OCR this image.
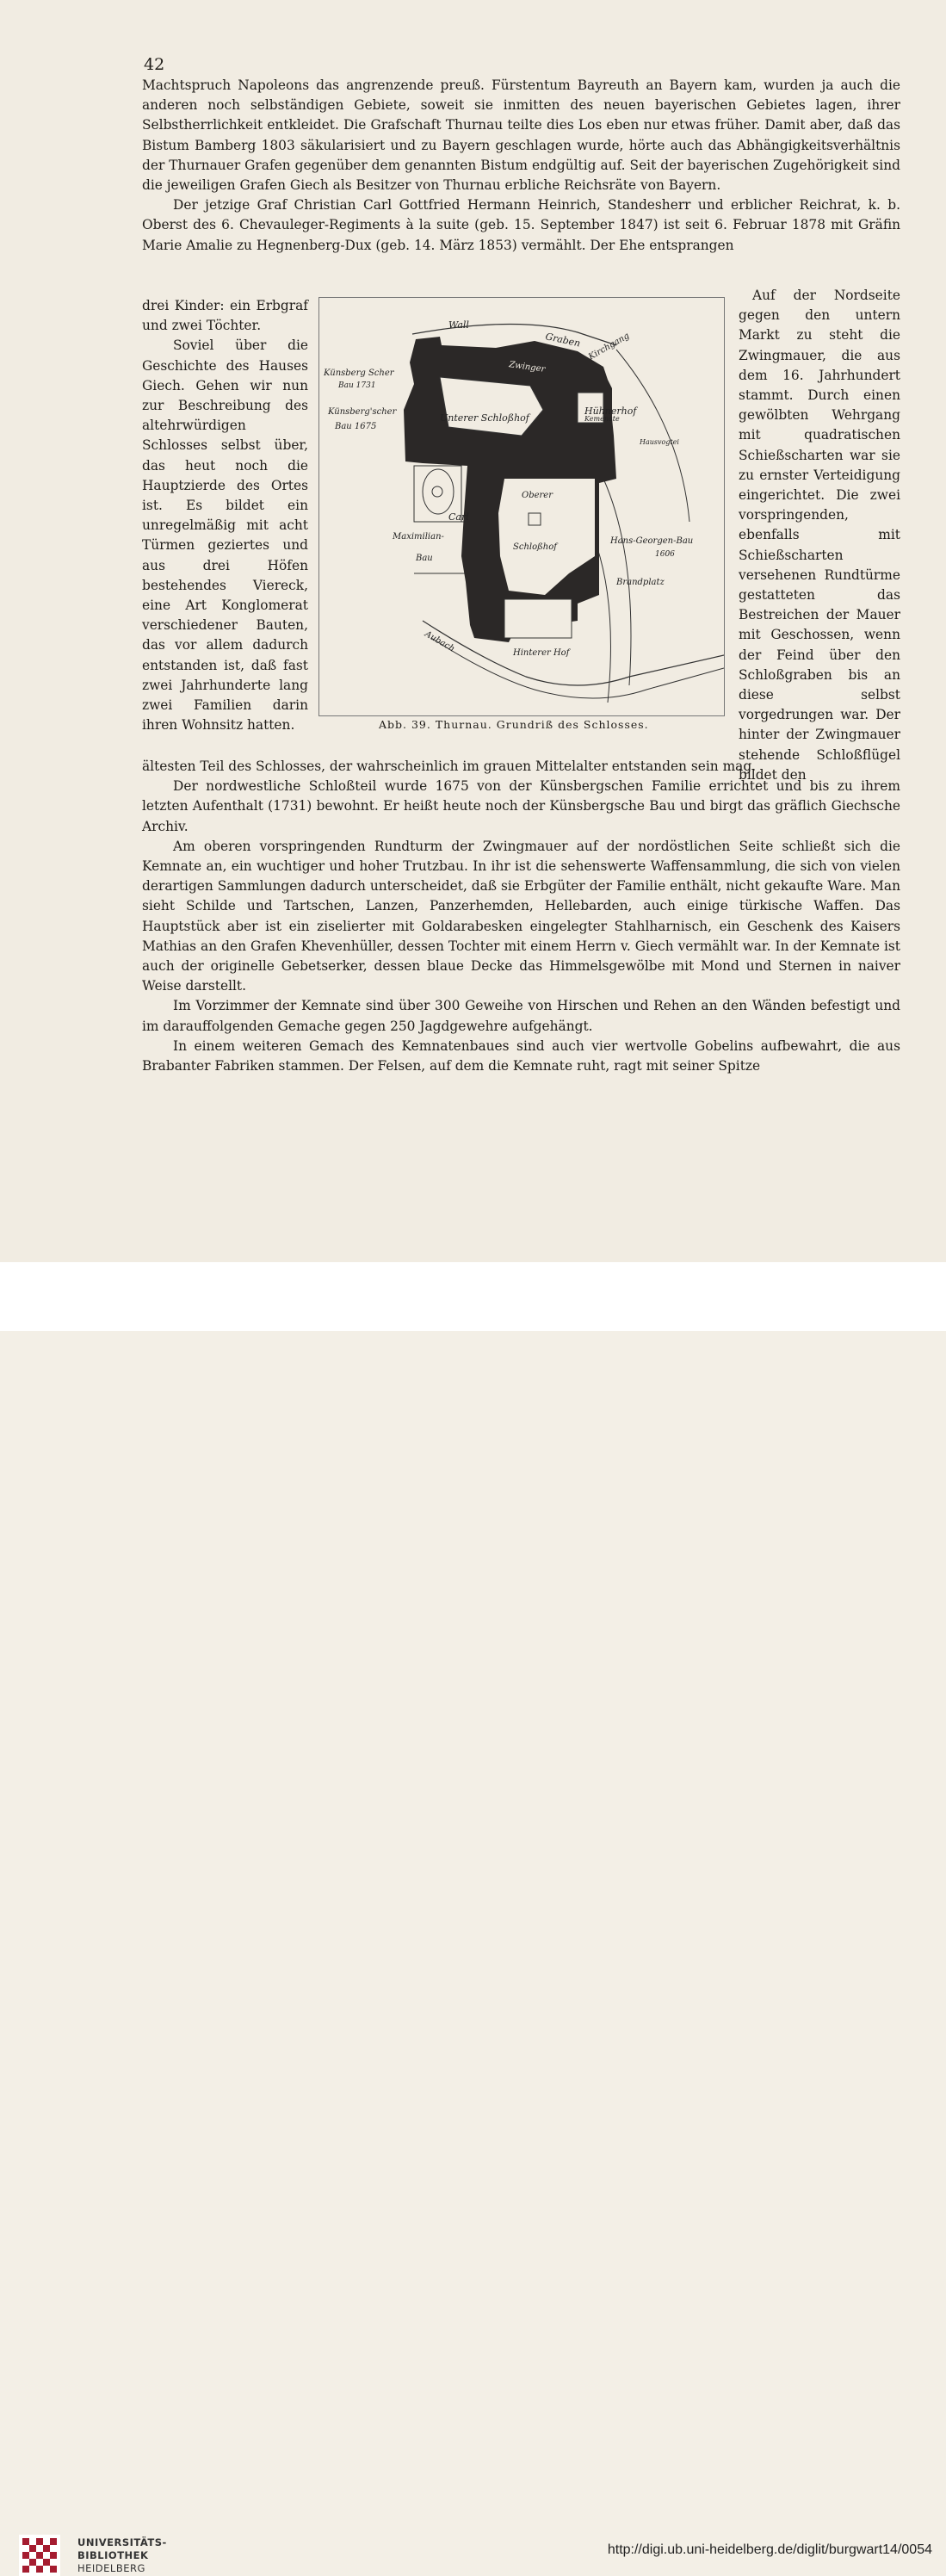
42

Machtspruch Napoleons das angrenzende preuß. Fürstentum Bayreuth an Bayern kam, wurden ja auch die anderen noch selbständigen Gebiete, soweit sie inmitten des neuen bayerischen Gebietes lagen, ihrer Selbstherrlichkeit entkleidet. Die Grafschaft Thurnau teilte dies Los eben nur etwas früher. Damit aber, daß das Bistum Bamberg 1803 säkularisiert und zu Bayern geschlagen wurde, hörte auch das Abhängigkeitsverhältnis der Thurnauer Grafen gegenüber dem genannten Bistum endgültig auf. Seit der bayerischen Zugehörigkeit sind die jeweiligen Grafen Giech als Besitzer von Thurnau erbliche Reichsräte von Bayern.

Der jetzige Graf Christian Carl Gottfried Hermann Heinrich, Standesherr und erblicher Reichrat, k. b. Oberst des 6. Chevauleger-Regiments à la suite (geb. 15. September 1847) ist seit 6. Februar 1878 mit Gräfin Marie Amalie zu Hegnenberg-Dux (geb. 14. März 1853) vermählt. Der Ehe entsprangen

drei Kinder: ein Erbgraf und zwei Töchter.

Soviel über die Geschichte des Hauses Giech. Gehen wir nun zur Beschreibung des altehrwürdigen Schlosses selbst über, das heut noch die Hauptzierde des Ortes ist. Es bildet ein unregelmäßig mit acht Türmen geziertes und aus drei Höfen bestehendes Viereck, eine Art Konglomerat verschiedener Bauten, das vor allem dadurch entstanden ist, daß fast zwei Jahrhunderte lang zwei Familien darin ihren Wohnsitz hatten.

Auf der Nordseite gegen den untern Markt zu steht die Zwingmauer, die aus dem 16. Jahrhundert stammt. Durch einen gewölbten Wehrgang mit quadratischen Schießscharten war sie zu ernster Verteidigung eingerichtet. Die zwei vorspringenden, ebenfalls mit Schießscharten versehenen Rundtürme gestatteten das Bestreichen der Mauer mit Geschossen, wenn der Feind über den Schloßgraben bis an diese selbst vorgedrungen war. Der hinter der Zwingmauer stehende Schloßflügel bildet den

Wall
Graben
Zwinger
Kirchgang
Künsberg Scher
Bau 1731
Künsberg'scher
Bau 1675
Unterer Schloßhof
Hühnerhof
Kemenate
Hausvogtei
Oberer
Carl
Maximilian-
Bau
Schloßhof
Hans-Georgen-Bau
1606
Brandplatz
Aubach	Hinterer Hof
Abb. 39. Thurnau. Grundriß des Schlosses.

ältesten Teil des Schlosses, der wahrscheinlich im grauen Mittelalter entstanden sein mag.

Der nordwestliche Schloßteil wurde 1675 von der Künsbergschen Familie errichtet und bis zu ihrem letzten Aufenthalt (1731) bewohnt. Er heißt heute noch der Künsbergsche Bau und birgt das gräflich Giechsche Archiv.

Am oberen vorspringenden Rundturm der Zwingmauer auf der nordöstlichen Seite schließt sich die Kemnate an, ein wuchtiger und hoher Trutzbau. In ihr ist die sehenswerte Waffensammlung, die sich von vielen derartigen Sammlungen dadurch unterscheidet, daß sie Erbgüter der Familie enthält, nicht gekaufte Ware. Man sieht Schilde und Tartschen, Lanzen, Panzerhemden, Hellebarden, auch einige türkische Waffen. Das Hauptstück aber ist ein ziselierter mit Goldarabesken eingelegter Stahlharnisch, ein Geschenk des Kaisers Mathias an den Grafen Khevenhüller, dessen Tochter mit einem Herrn v. Giech vermählt war. In der Kemnate ist auch der originelle Gebetserker, dessen blaue Decke das Himmelsgewölbe mit Mond und Sternen in naiver Weise darstellt.

Im Vorzimmer der Kemnate sind über 300 Geweihe von Hirschen und Rehen an den Wänden befestigt und im darauffolgenden Gemache gegen 250 Jagdgewehre aufgehängt.

In einem weiteren Gemach des Kemnatenbaues sind auch vier wertvolle Gobelins aufbewahrt, die aus Brabanter Fabriken stammen. Der Felsen, auf dem die Kemnate ruht, ragt mit seiner Spitze

UNIVERSITÄTS-
BIBLIOTHEK
HEIDELBERG
http://digi.ub.uni-heidelberg.de/diglit/burgwart14/0054
